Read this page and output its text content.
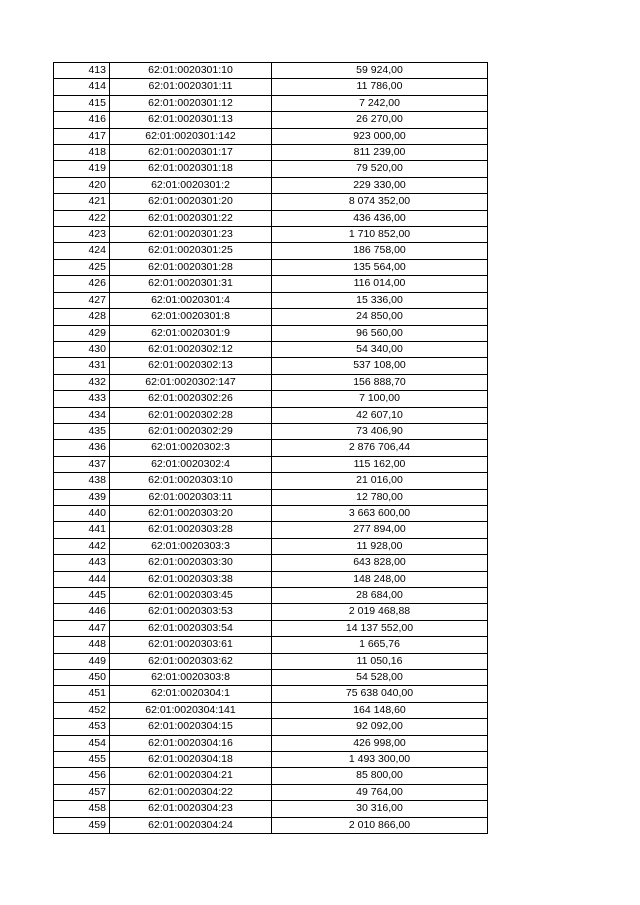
413	62:01:0020301:10	59 924,00
414	62:01:0020301:11	11 786,00
415	62:01:0020301:12	7 242,00
416	62:01:0020301:13	26 270,00
417	62:01:0020301:142	923 000,00
418	62:01:0020301:17	811 239,00
419	62:01:0020301:18	79 520,00
420	62:01:0020301:2	229 330,00
421	62:01:0020301:20	8 074 352,00
422	62:01:0020301:22	436 436,00
423	62:01:0020301:23	1 710 852,00
424	62:01:0020301:25	186 758,00
425	62:01:0020301:28	135 564,00
426	62:01:0020301:31	116 014,00
427	62:01:0020301:4	15 336,00
428	62:01:0020301:8	24 850,00
429	62:01:0020301:9	96 560,00
430	62:01:0020302:12	54 340,00
431	62:01:0020302:13	537 108,00
432	62:01:0020302:147	156 888,70
433	62:01:0020302:26	7 100,00
434	62:01:0020302:28	42 607,10
435	62:01:0020302:29	73 406,90
436	62:01:0020302:3	2 876 706,44
437	62:01:0020302:4	115 162,00
438	62:01:0020303:10	21 016,00
439	62:01:0020303:11	12 780,00
440	62:01:0020303:20	3 663 600,00
441	62:01:0020303:28	277 894,00
442	62:01:0020303:3	11 928,00
443	62:01:0020303:30	643 828,00
444	62:01:0020303:38	148 248,00
445	62:01:0020303:45	28 684,00
446	62:01:0020303:53	2 019 468,88
447	62:01:0020303:54	14 137 552,00
448	62:01:0020303:61	1 665,76
449	62:01:0020303:62	11 050,16
450	62:01:0020303:8	54 528,00
451	62:01:0020304:1	75 638 040,00
452	62:01:0020304:141	164 148,60
453	62:01:0020304:15	92 092,00
454	62:01:0020304:16	426 998,00
455	62:01:0020304:18	1 493 300,00
456	62:01:0020304:21	85 800,00
457	62:01:0020304:22	49 764,00
458	62:01:0020304:23	30 316,00
459	62:01:0020304:24	2 010 866,00
